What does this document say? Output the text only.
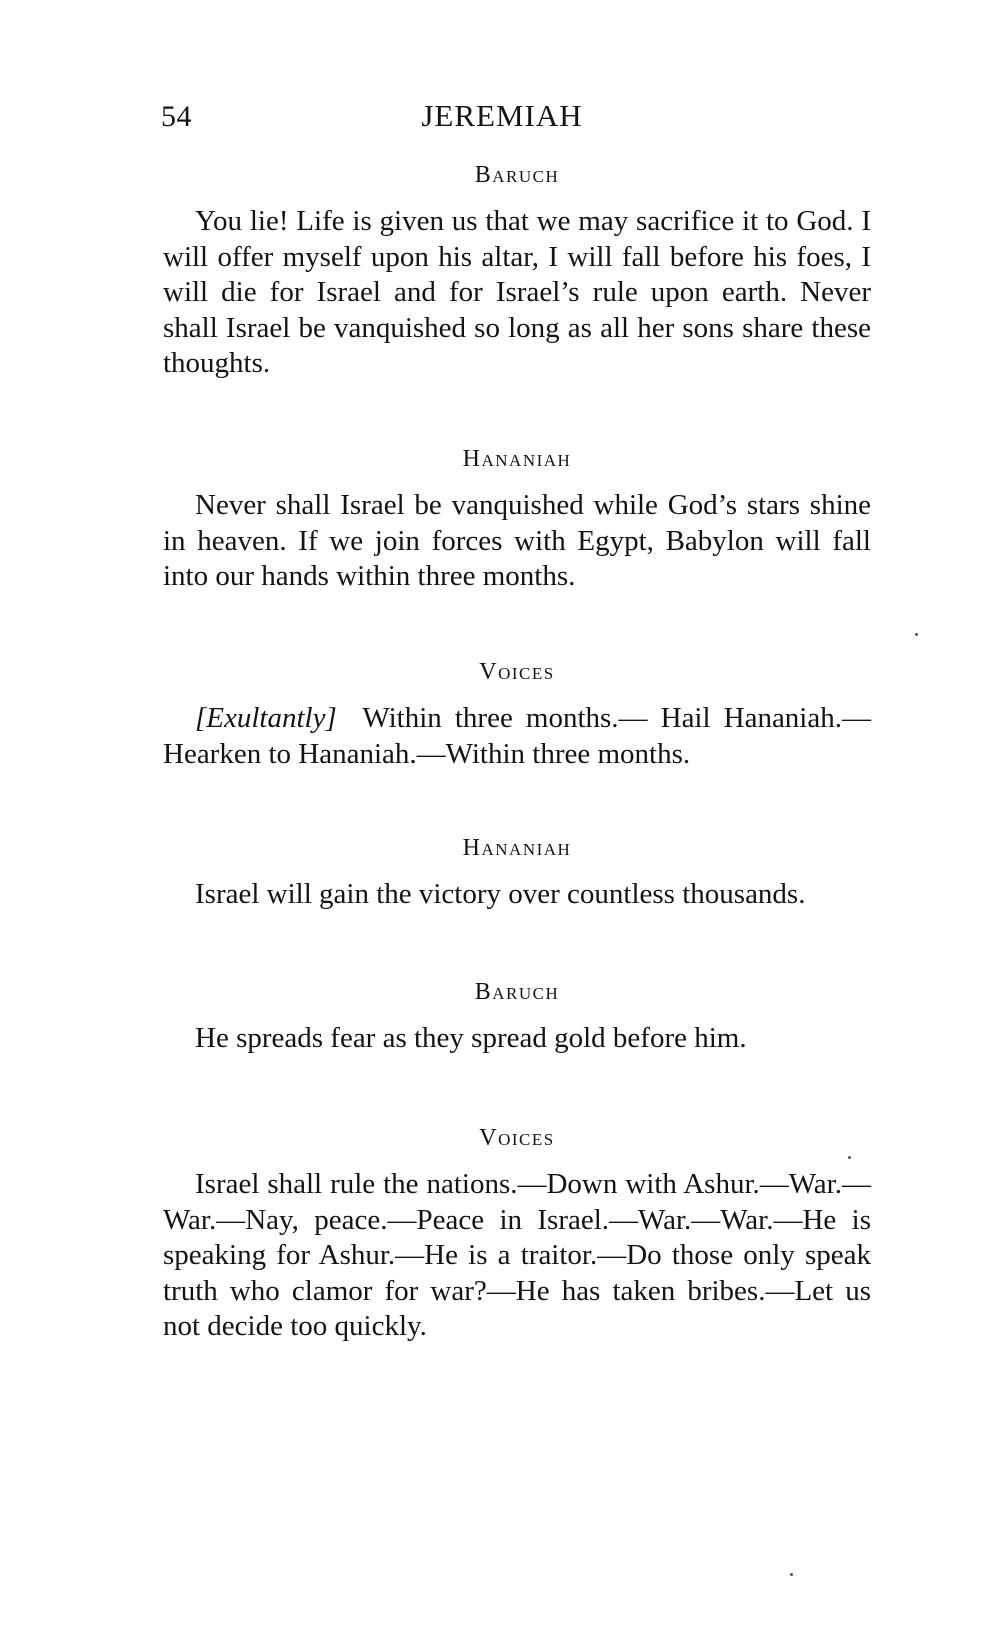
54	JEREMIAH
Baruch

You lie! Life is given us that we may sacrifice it to God. I will offer myself upon his altar, I will fall before his foes, I will die for Israel and for Israel’s rule upon earth. Never shall Israel be vanquished so long as all her sons share these thoughts.

Hananiah

Never shall Israel be vanquished while God’s stars shine in heaven. If we join forces with Egypt, Babylon will fall into our hands within three months.

Voices

[Exultantly] Within three months.— Hail Hananiah.—Hearken to Hananiah.—Within three months.

Hananiah

Israel will gain the victory over countless thousands.

Baruch

He spreads fear as they spread gold before him.

Voices

Israel shall rule the nations.—Down with Ashur.—War.—War.—Nay, peace.—Peace in Israel.—War.—War.—He is speaking for Ashur.—He is a traitor.—Do those only speak truth who clamor for war?—He has taken bribes.—Let us not decide too quickly.
